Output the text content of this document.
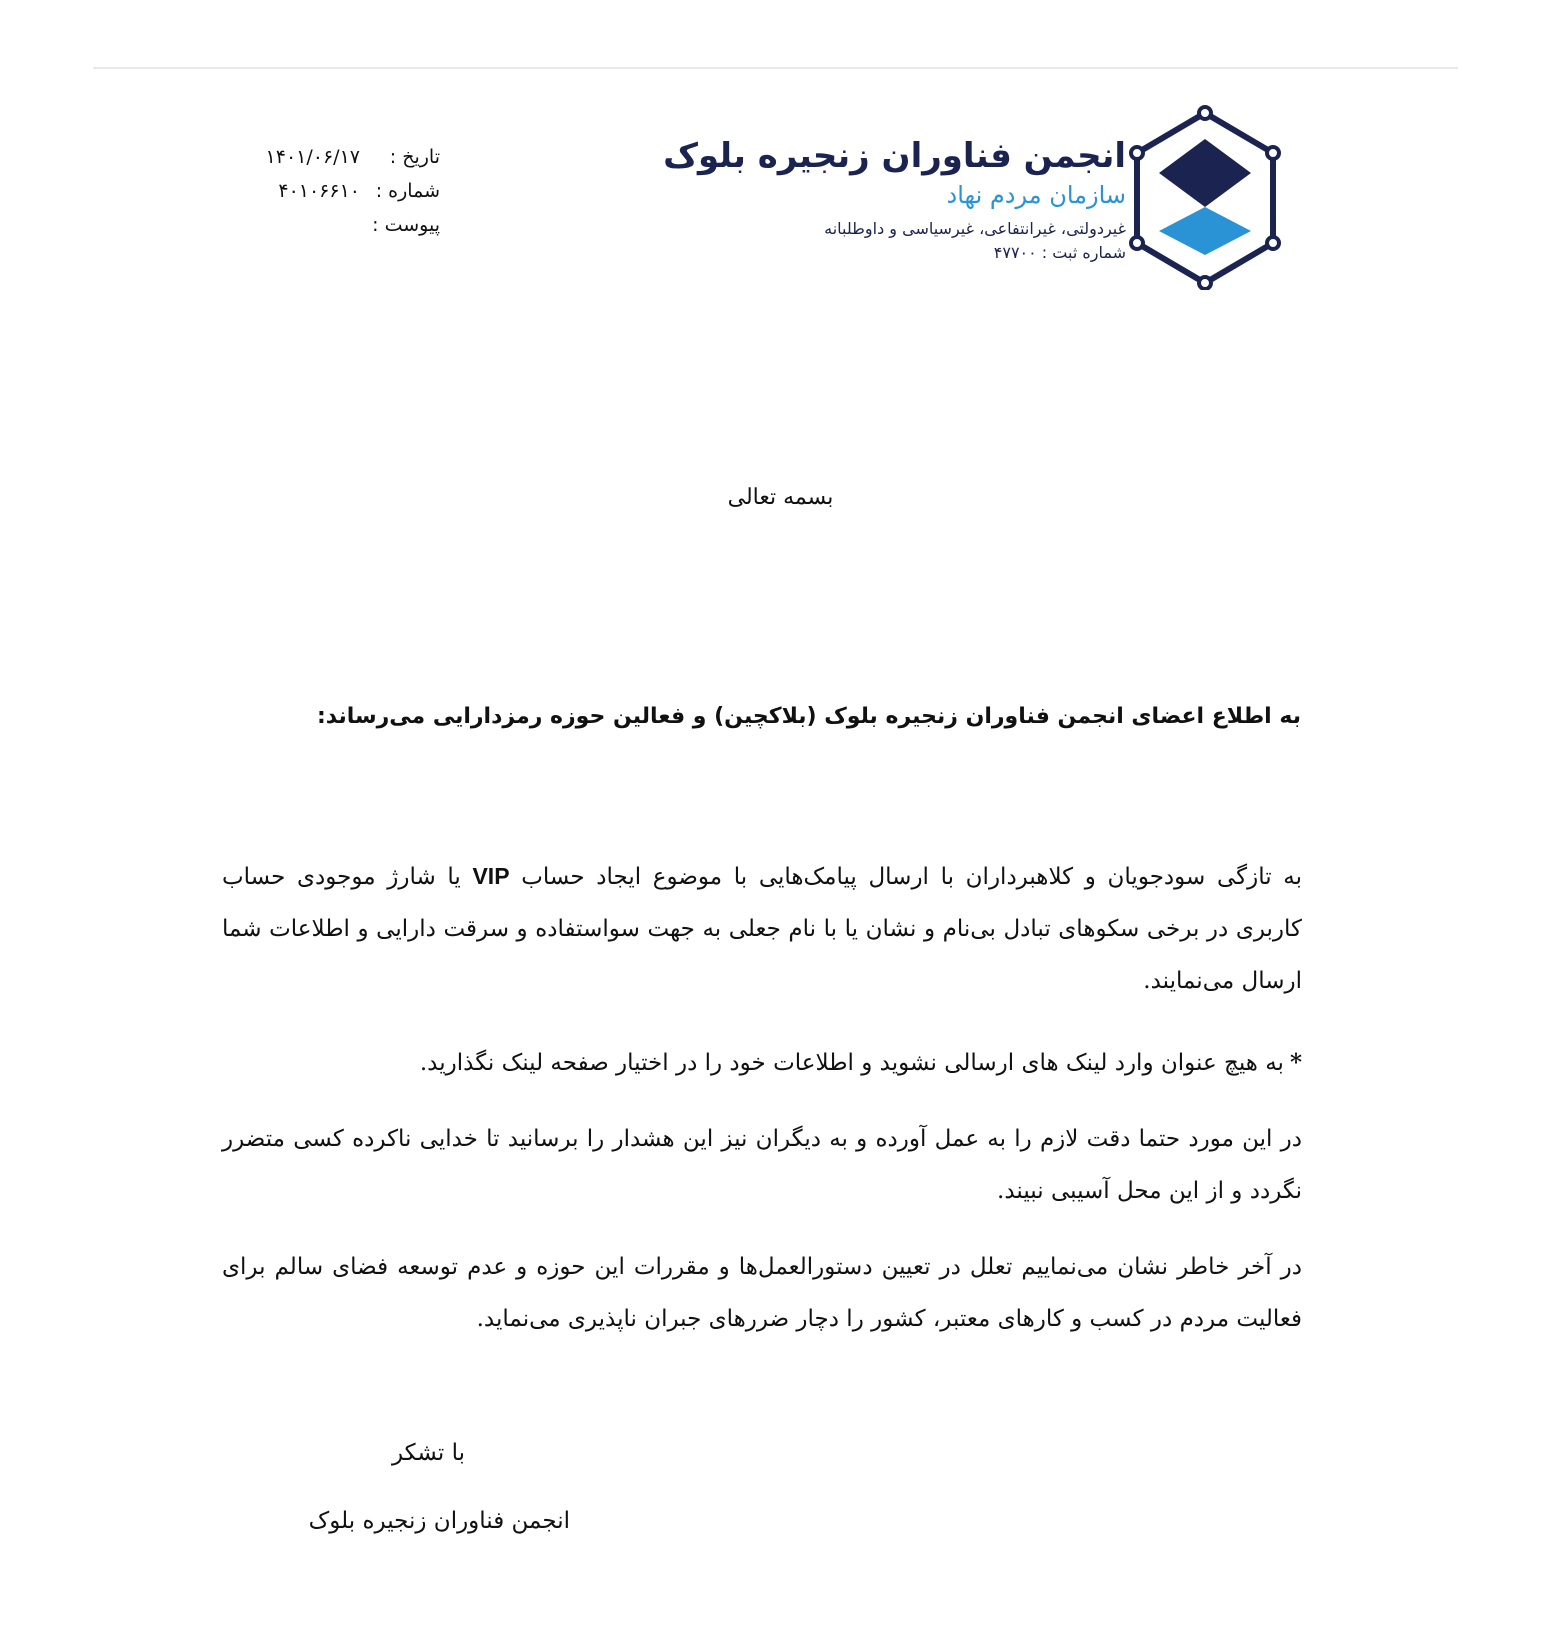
انجمن فناوران زنجیره بلوک
سازمان مردم نهاد
غیردولتی، غیرانتفاعی، غیرسیاسی و داوطلبانه
شماره ثبت : ۴۷۷۰۰
تاریخ :۱۴۰۱/۰۶/۱۷
شماره :۴۰۱۰۶۶۱۰
پیوست :
بسمه تعالی
به اطلاع اعضای انجمن فناوران زنجیره بلوک (بلاکچین) و فعالین حوزه رمزدارایی می‌رساند:
به تازگی سودجویان و کلاهبرداران با ارسال پیامک‌هایی با موضوع ایجاد حساب VIP یا شارژ موجودی حساب کاربری در برخی سکوهای تبادل بی‌نام و نشان یا با نام جعلی به جهت سواستفاده و سرقت دارایی و اطلاعات شما ارسال می‌نمایند.
*به هیچ عنوان وارد لینک های ارسالی نشوید و اطلاعات خود را در اختیار صفحه لینک نگذارید.
در این مورد حتما دقت لازم را به عمل آورده و به دیگران نیز این هشدار را برسانید تا خدایی ناکرده کسی متضرر نگردد و از این محل آسیبی نبیند.
در آخر خاطر نشان می‌نماییم تعلل در تعیین دستورالعمل‌ها و مقررات این حوزه و عدم توسعه فضای سالم برای فعالیت مردم در کسب و کارهای معتبر، کشور را دچار ضررهای جبران ناپذیری می‌نماید.
با تشکر
انجمن فناوران زنجیره بلوک
